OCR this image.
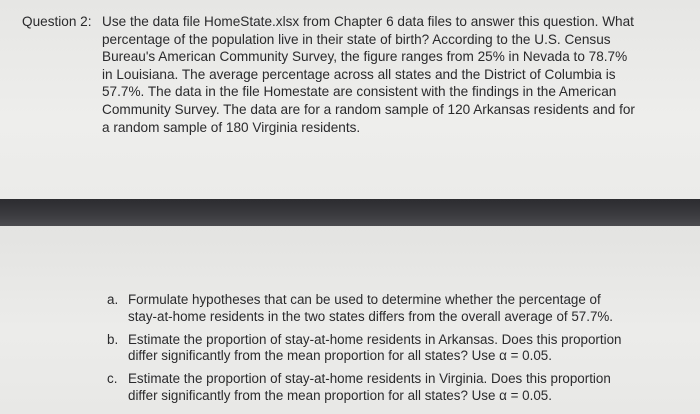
Question 2: Use the data file HomeState.xlsx from Chapter 6 data files to answer this question. What
percentage of the population live in their state of birth? According to the U.S. Census
Bureau's American Community Survey, the figure ranges from 25% in Nevada to 78.7%
in Louisiana. The average percentage across all states and the District of Columbia is
57.7%. The data in the file Homestate are consistent with the findings in the American
Community Survey. The data are for a random sample of 120 Arkansas residents and for
a random sample of 180 Virginia residents.
a. Formulate hypotheses that can be used to determine whether the percentage of
stay-at-home residents in the two states differs from the overall average of 57.7%.
b. Estimate the proportion of stay-at-home residents in Arkansas. Does this proportion
differ significantly from the mean proportion for all states? Use α = 0.05.
c. Estimate the proportion of stay-at-home residents in Virginia. Does this proportion
differ significantly from the mean proportion for all states? Use α = 0.05.
